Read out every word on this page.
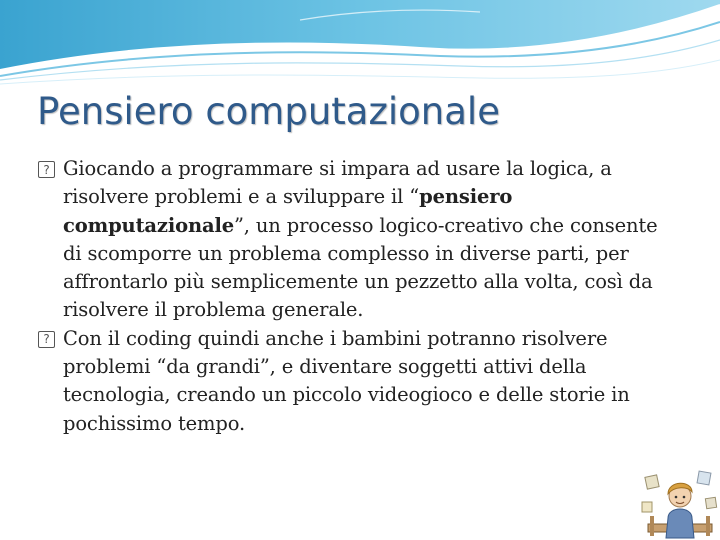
Pensiero computazionale
?
Giocando a programmare si impara ad usare la logica, a risolvere problemi e a sviluppare il “pensiero computazionale”, un processo logico-creativo che consente di scomporre un problema complesso in diverse parti, per affrontarlo più semplicemente un pezzetto alla volta, così da risolvere il problema generale.
?
Con il coding quindi anche i bambini potranno risolvere problemi “da grandi”, e diventare soggetti attivi della tecnologia, creando un piccolo videogioco e delle storie in pochissimo tempo.
